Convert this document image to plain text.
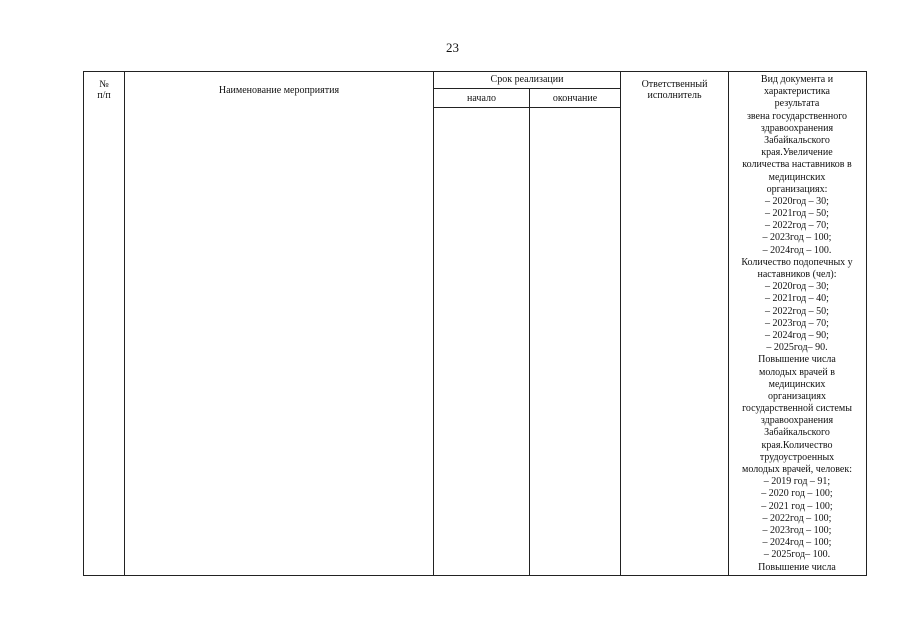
23
№
п/п	Наименование мероприятия
Срок реализации
начало	окончание
Ответственный
исполнитель
Вид документа и
характеристика
результата
звена государственного
здравоохранения
Забайкальского
края.Увеличение
количества наставников в
медицинских
организациях:
– 2020год – 30;
– 2021год – 50;
– 2022год – 70;
– 2023год – 100;
– 2024год – 100.
Количество подопечных у
наставников (чел):
– 2020год – 30;
– 2021год – 40;
– 2022год – 50;
– 2023год – 70;
– 2024год – 90;
– 2025год– 90.
Повышение числа
молодых врачей в
медицинских
организациях
государственной системы
здравоохранения
Забайкальского
края.Количество
трудоустроенных
молодых врачей, человек:
– 2019 год – 91;
– 2020 год – 100;
– 2021 год – 100;
– 2022год – 100;
– 2023год – 100;
– 2024год – 100;
– 2025год– 100.
Повышение числа
